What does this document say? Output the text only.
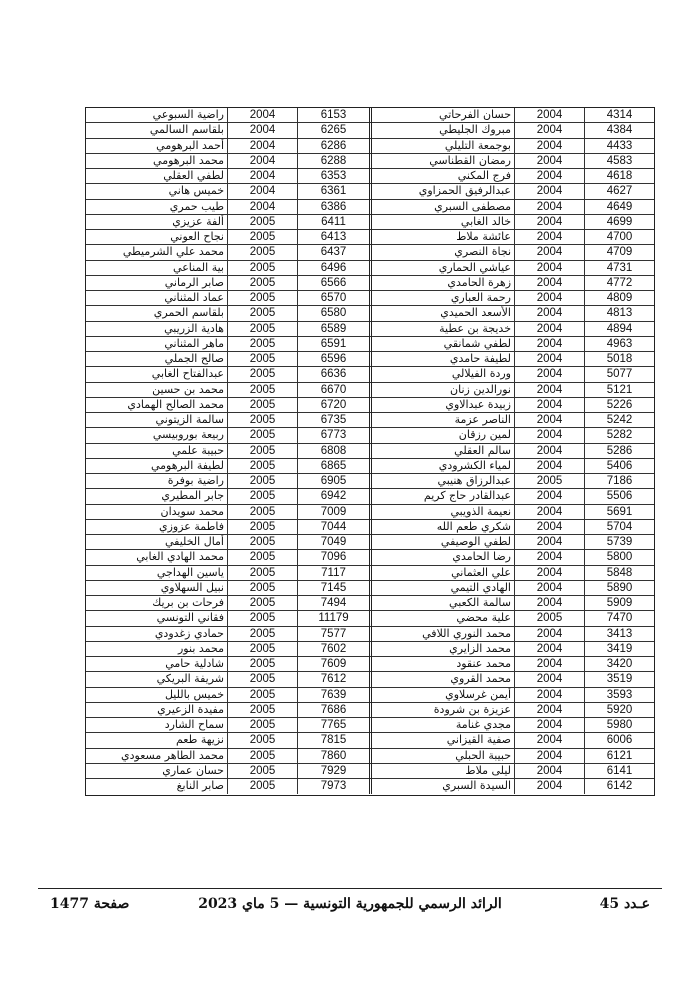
4314
2004
حسان الفرحاتي
4384
2004
مبروك الجليطي
4433
2004
بوجمعة التليلي
4583
2004
رمضان القطناسي
4618
2004
فرج المكني
4627
2004
عبدالرفيق الحمزاوي
4649
2004
مصطفى السبري
4699
2004
خالد الغابي
4700
2004
عائشة ملاط
4709
2004
نجاة النصري
4731
2004
عياشي الحماري
4772
2004
زهرة الحامدي
4809
2004
رحمة العباري
4813
2004
الأسعد الحميدي
4894
2004
خديجة بن عطية
4963
2004
لطفي شمانقي
5018
2004
لطيفة حامدي
5077
2004
وردة الفيلالي
5121
2004
نورالدين زنان
5226
2004
زبيدة عبدالاوي
5242
2004
الناصر عزمة
5282
2004
لمين رزقان
5286
2004
سالم العقلي
5406
2004
لمياء الكشرودي
7186
2005
عبدالرزاق هنيبي
5506
2004
عبدالقادر حاج كريم
5691
2004
نعيمة الذويبي
5704
2004
شكري طعم الله
5739
2004
لطفي الوصيفي
5800
2004
رضا الحامدي
5848
2004
علي العثماني
5890
2004
الهادي التيمي
5909
2004
سالمة الكعبي
7470
2005
علية محضي
3413
2004
محمد النوري اللافي
3419
2004
محمد الزايري
3420
2004
محمد عنقود
3519
2004
محمد القروي
3593
2004
أيمن غرسلاوي
5920
2004
عزيزة بن شرودة
5980
2004
مجدي غنامة
6006
2004
صفية القيزاني
6121
2004
حبيبة الحبلي
6141
2004
ليلى ملاط
6142
2004
السيدة السبري
6153
2004
راضية السبوعي
6265
2004
بلقاسم السالمي
6286
2004
أحمد البرهومي
6288
2004
محمد البرهومي
6353
2004
لطفي العقلي
6361
2004
خميس هاني
6386
2004
طيب حمري
6411
2005
ألفة عزيزي
6413
2005
نجاح العوني
6437
2005
محمد علي الشرميطي
6496
2005
بية المناعي
6566
2005
صابر الرماني
6570
2005
عماد المثناني
6580
2005
بلقاسم الحمري
6589
2005
هادية الزريبي
6591
2005
ماهر المثناني
6596
2005
صالح الجملي
6636
2005
عبدالفتاح الغابي
6670
2005
محمد بن حسين
6720
2005
محمد الصالح الهمادي
6735
2005
سالمة الزيتوني
6773
2005
ربيعة بوروبيسي
6808
2005
حبيبة علمي
6865
2005
لطيفة البرهومي
6905
2005
راضية بوفرة
6942
2005
جابر المطيري
7009
2005
محمد سويدان
7044
2005
فاطمة عزوزي
7049
2005
أمال الخليفي
7096
2005
محمد الهادي الغابي
7117
2005
ياسين الهداجي
7145
2005
نبيل السهلاوي
7494
2005
فرحات بن بريك
11179
2005
فقاني التونسي
7577
2005
حمادي زغدودي
7602
2005
محمد بنور
7609
2005
شادلية حامي
7612
2005
شريفة البريكي
7639
2005
خميس بالليل
7686
2005
مفيدة الزعيري
7765
2005
سماح الشارد
7815
2005
نزيهة طعم
7860
2005
محمد الطاهر مسعودي
7929
2005
حسان عماري
7973
2005
صابر النابغ
عـدد 45
الرائد الرسمي للجمهورية التونسية — 5 ماي 2023
صفحة 1477
